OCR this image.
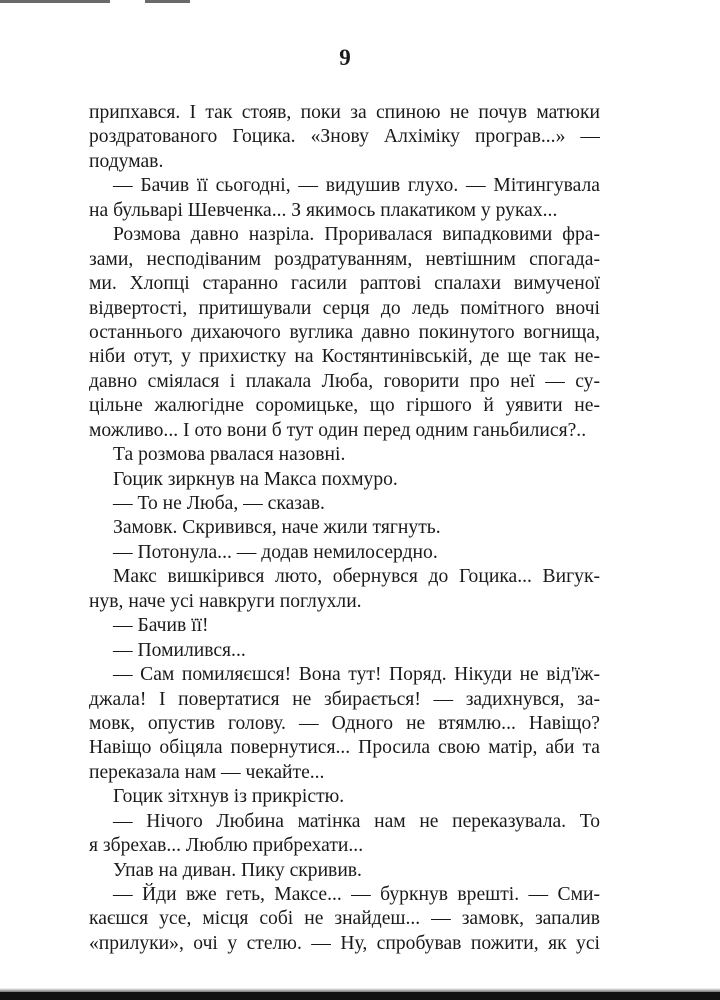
9
припхався. І так стояв, поки за спиною не почув матюки
роздратованого Гоцика. «Знову Алхіміку програв...» —
подумав.
— Бачив її сьогодні, — видушив глухо. — Мітингувала
на бульварі Шевченка... З якимось плакатиком у руках...
Розмова давно назріла. Проривалася випадковими фра-
зами, несподіваним роздратуванням, невтішним спогада-
ми. Хлопці старанно гасили раптові спалахи вимученої
відвертості, притишували серця до ледь помітного вночі
останнього дихаючого вуглика давно покинутого вогнища,
ніби отут, у прихистку на Костянтинівській, де ще так не-
давно сміялася і плакала Люба, говорити про неї — су-
цільне жалюгідне соромицьке, що гіршого й уявити не-
можливо... І ото вони б тут один перед одним ганьбилися?..
Та розмова рвалася назовні.
Гоцик зиркнув на Макса похмуро.
— То не Люба, — сказав.
Замовк. Скривився, наче жили тягнуть.
— Потонула... — додав немилосердно.
Макс вишкірився люто, обернувся до Гоцика... Вигук-
нув, наче усі навкруги поглухли.
— Бачив її!
— Помилився...
— Сам помиляєшся! Вона тут! Поряд. Нікуди не від'їж-
джала! І повертатися не збирається! — задихнувся, за-
мовк, опустив голову. — Одного не втямлю... Навіщо?
Навіщо обіцяла повернутися... Просила свою матір, аби та
переказала нам — чекайте...
Гоцик зітхнув із прикрістю.
— Нічого Любина матінка нам не переказувала. То
я збрехав... Люблю прибрехати...
Упав на диван. Пику скривив.
— Йди вже геть, Максе... — буркнув врешті. — Сми-
каєшся усе, місця собі не знайдеш... — замовк, запалив
«прилуки», очі у стелю. — Ну, спробував пожити, як усі
